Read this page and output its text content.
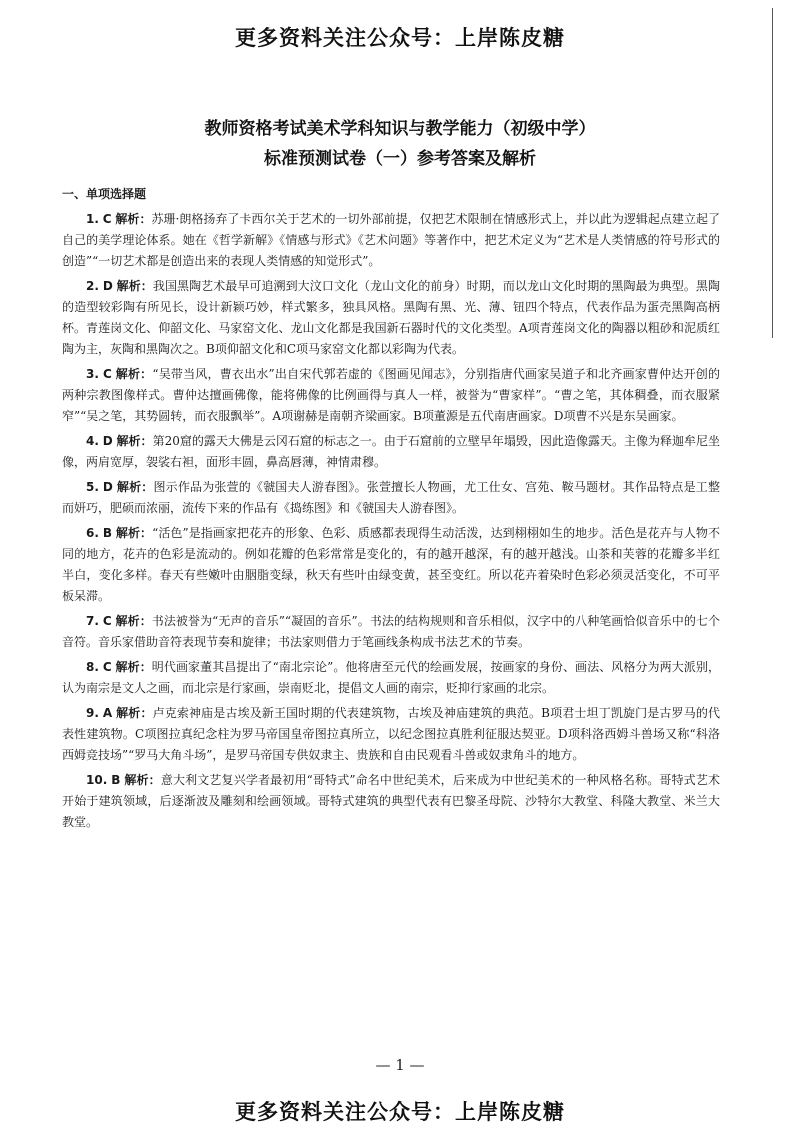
更多资料关注公众号：上岸陈皮糖
教师资格考试美术学科知识与教学能力（初级中学）
标准预测试卷（一）参考答案及解析
一、单项选择题

1. C 解析：苏珊·朗格扬弃了卡西尔关于艺术的一切外部前提，仅把艺术限制在情感形式上，并以此为逻辑起点建立起了自己的美学理论体系。她在《哲学新解》《情感与形式》《艺术问题》等著作中，把艺术定义为“艺术是人类情感的符号形式的创造”“一切艺术都是创造出来的表现人类情感的知觉形式”。

2. D 解析：我国黑陶艺术最早可追溯到大汶口文化（龙山文化的前身）时期，而以龙山文化时期的黑陶最为典型。黑陶的造型较彩陶有所见长，设计新颖巧妙，样式繁多，独具风格。黑陶有黑、光、薄、钮四个特点，代表作品为蛋壳黑陶高柄杯。青莲岗文化、仰韶文化、马家窑文化、龙山文化都是我国新石器时代的文化类型。A项青莲岗文化的陶器以粗砂和泥质红陶为主，灰陶和黑陶次之。B项仰韶文化和C项马家窑文化都以彩陶为代表。

3. C 解析：“吴带当风，曹衣出水”出自宋代郭若虚的《图画见闻志》，分别指唐代画家吴道子和北齐画家曹仲达开创的两种宗教图像样式。曹仲达擅画佛像，能将佛像的比例画得与真人一样，被誉为“曹家样”。“曹之笔，其体稠叠，而衣服紧窄”“吴之笔，其势圆转，而衣服飘举”。A项谢赫是南朝齐梁画家。B项董源是五代南唐画家。D项曹不兴是东吴画家。

4. D 解析：第20窟的露天大佛是云冈石窟的标志之一。由于石窟前的立壁早年塌毁，因此造像露天。主像为释迦牟尼坐像，两肩宽厚，袈裟右袒，面形丰圆，鼻高唇薄，神情肃穆。

5. D 解析：图示作品为张萱的《虢国夫人游春图》。张萱擅长人物画，尤工仕女、宫苑、鞍马题材。其作品特点是工整而妍巧，肥硕而浓丽，流传下来的作品有《捣练图》和《虢国夫人游春图》。

6. B 解析：“活色”是指画家把花卉的形象、色彩、质感都表现得生动活泼，达到栩栩如生的地步。活色是花卉与人物不同的地方，花卉的色彩是流动的。例如花瓣的色彩常常是变化的，有的越开越深，有的越开越浅。山茶和芙蓉的花瓣多半红半白，变化多样。春天有些嫩叶由胭脂变绿，秋天有些叶由绿变黄，甚至变红。所以花卉着染时色彩必须灵活变化，不可平板呆滞。

7. C 解析：书法被誉为“无声的音乐”“凝固的音乐”。书法的结构规则和音乐相似，汉字中的八种笔画恰似音乐中的七个音符。音乐家借助音符表现节奏和旋律；书法家则借力于笔画线条构成书法艺术的节奏。

8. C 解析：明代画家董其昌提出了“南北宗论”。他将唐至元代的绘画发展，按画家的身份、画法、风格分为两大派别，认为南宗是文人之画，而北宗是行家画，崇南贬北，提倡文人画的南宗，贬抑行家画的北宗。

9. A 解析：卢克索神庙是古埃及新王国时期的代表建筑物，古埃及神庙建筑的典范。B项君士坦丁凯旋门是古罗马的代表性建筑物。C项图拉真纪念柱为罗马帝国皇帝图拉真所立，以纪念图拉真胜利征服达契亚。D项科洛西姆斗兽场又称“科洛西姆竞技场”“罗马大角斗场”，是罗马帝国专供奴隶主、贵族和自由民观看斗兽或奴隶角斗的地方。

10. B 解析：意大利文艺复兴学者最初用“哥特式”命名中世纪美术，后来成为中世纪美术的一种风格名称。哥特式艺术开始于建筑领域，后逐渐波及雕刻和绘画领域。哥特式建筑的典型代表有巴黎圣母院、沙特尔大教堂、科隆大教堂、米兰大教堂。

— 1 —
更多资料关注公众号：上岸陈皮糖
